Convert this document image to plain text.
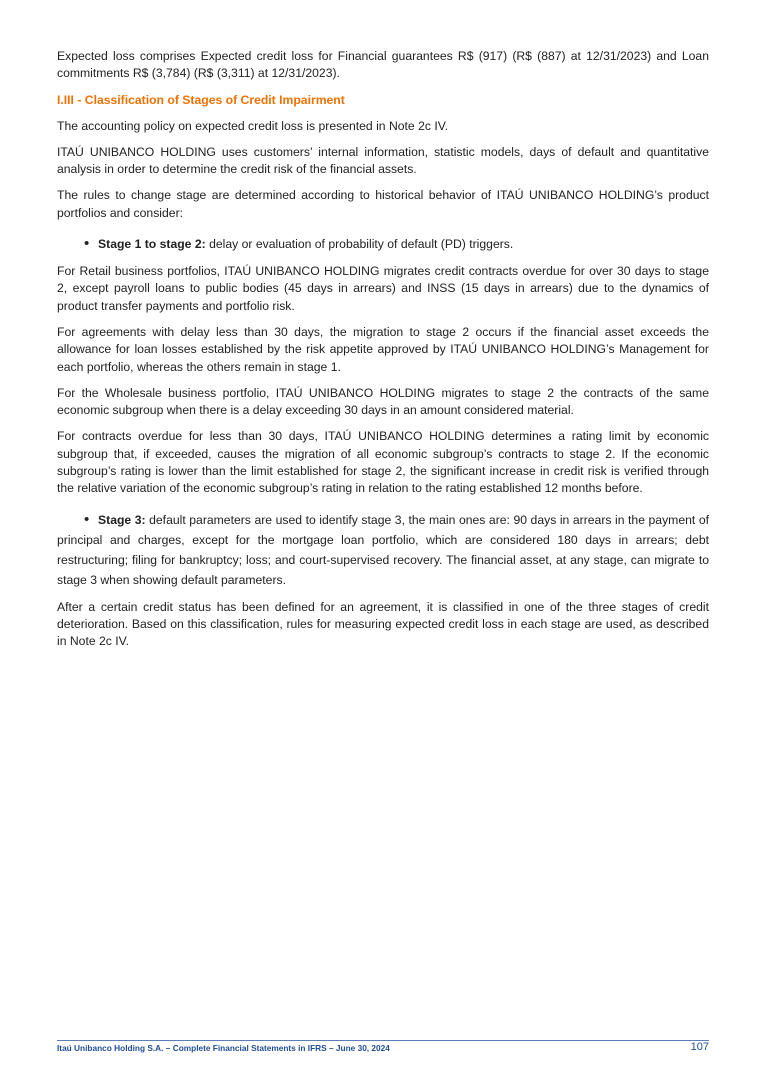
Expected loss comprises Expected credit loss for Financial guarantees R$ (917) (R$ (887) at 12/31/2023) and Loan commitments R$ (3,784) (R$ (3,311) at 12/31/2023).

I.III - Classification of Stages of Credit Impairment

The accounting policy on expected credit loss is presented in Note 2c IV.

ITAÚ UNIBANCO HOLDING uses customers’ internal information, statistic models, days of default and quantitative analysis in order to determine the credit risk of the financial assets.

The rules to change stage are determined according to historical behavior of ITAÚ UNIBANCO HOLDING’s product portfolios and consider:

• Stage 1 to stage 2: delay or evaluation of probability of default (PD) triggers.

For Retail business portfolios, ITAÚ UNIBANCO HOLDING migrates credit contracts overdue for over 30 days to stage 2, except payroll loans to public bodies (45 days in arrears) and INSS (15 days in arrears) due to the dynamics of product transfer payments and portfolio risk.

For agreements with delay less than 30 days, the migration to stage 2 occurs if the financial asset exceeds the allowance for loan losses established by the risk appetite approved by ITAÚ UNIBANCO HOLDING’s Management for each portfolio, whereas the others remain in stage 1.

For the Wholesale business portfolio, ITAÚ UNIBANCO HOLDING migrates to stage 2 the contracts of the same economic subgroup when there is a delay exceeding 30 days in an amount considered material.

For contracts overdue for less than 30 days, ITAÚ UNIBANCO HOLDING determines a rating limit by economic subgroup that, if exceeded, causes the migration of all economic subgroup’s contracts to stage 2. If the economic subgroup’s rating is lower than the limit established for stage 2, the significant increase in credit risk is verified through the relative variation of the economic subgroup’s rating in relation to the rating established 12 months before.

• Stage 3: default parameters are used to identify stage 3, the main ones are: 90 days in arrears in the payment of principal and charges, except for the mortgage loan portfolio, which are considered 180 days in arrears; debt restructuring; filing for bankruptcy; loss; and court-supervised recovery. The financial asset, at any stage, can migrate to stage 3 when showing default parameters.

After a certain credit status has been defined for an agreement, it is classified in one of the three stages of credit deterioration. Based on this classification, rules for measuring expected credit loss in each stage are used, as described in Note 2c IV.

Itaú Unibanco Holding S.A. – Complete Financial Statements in IFRS – June 30, 2024	107
